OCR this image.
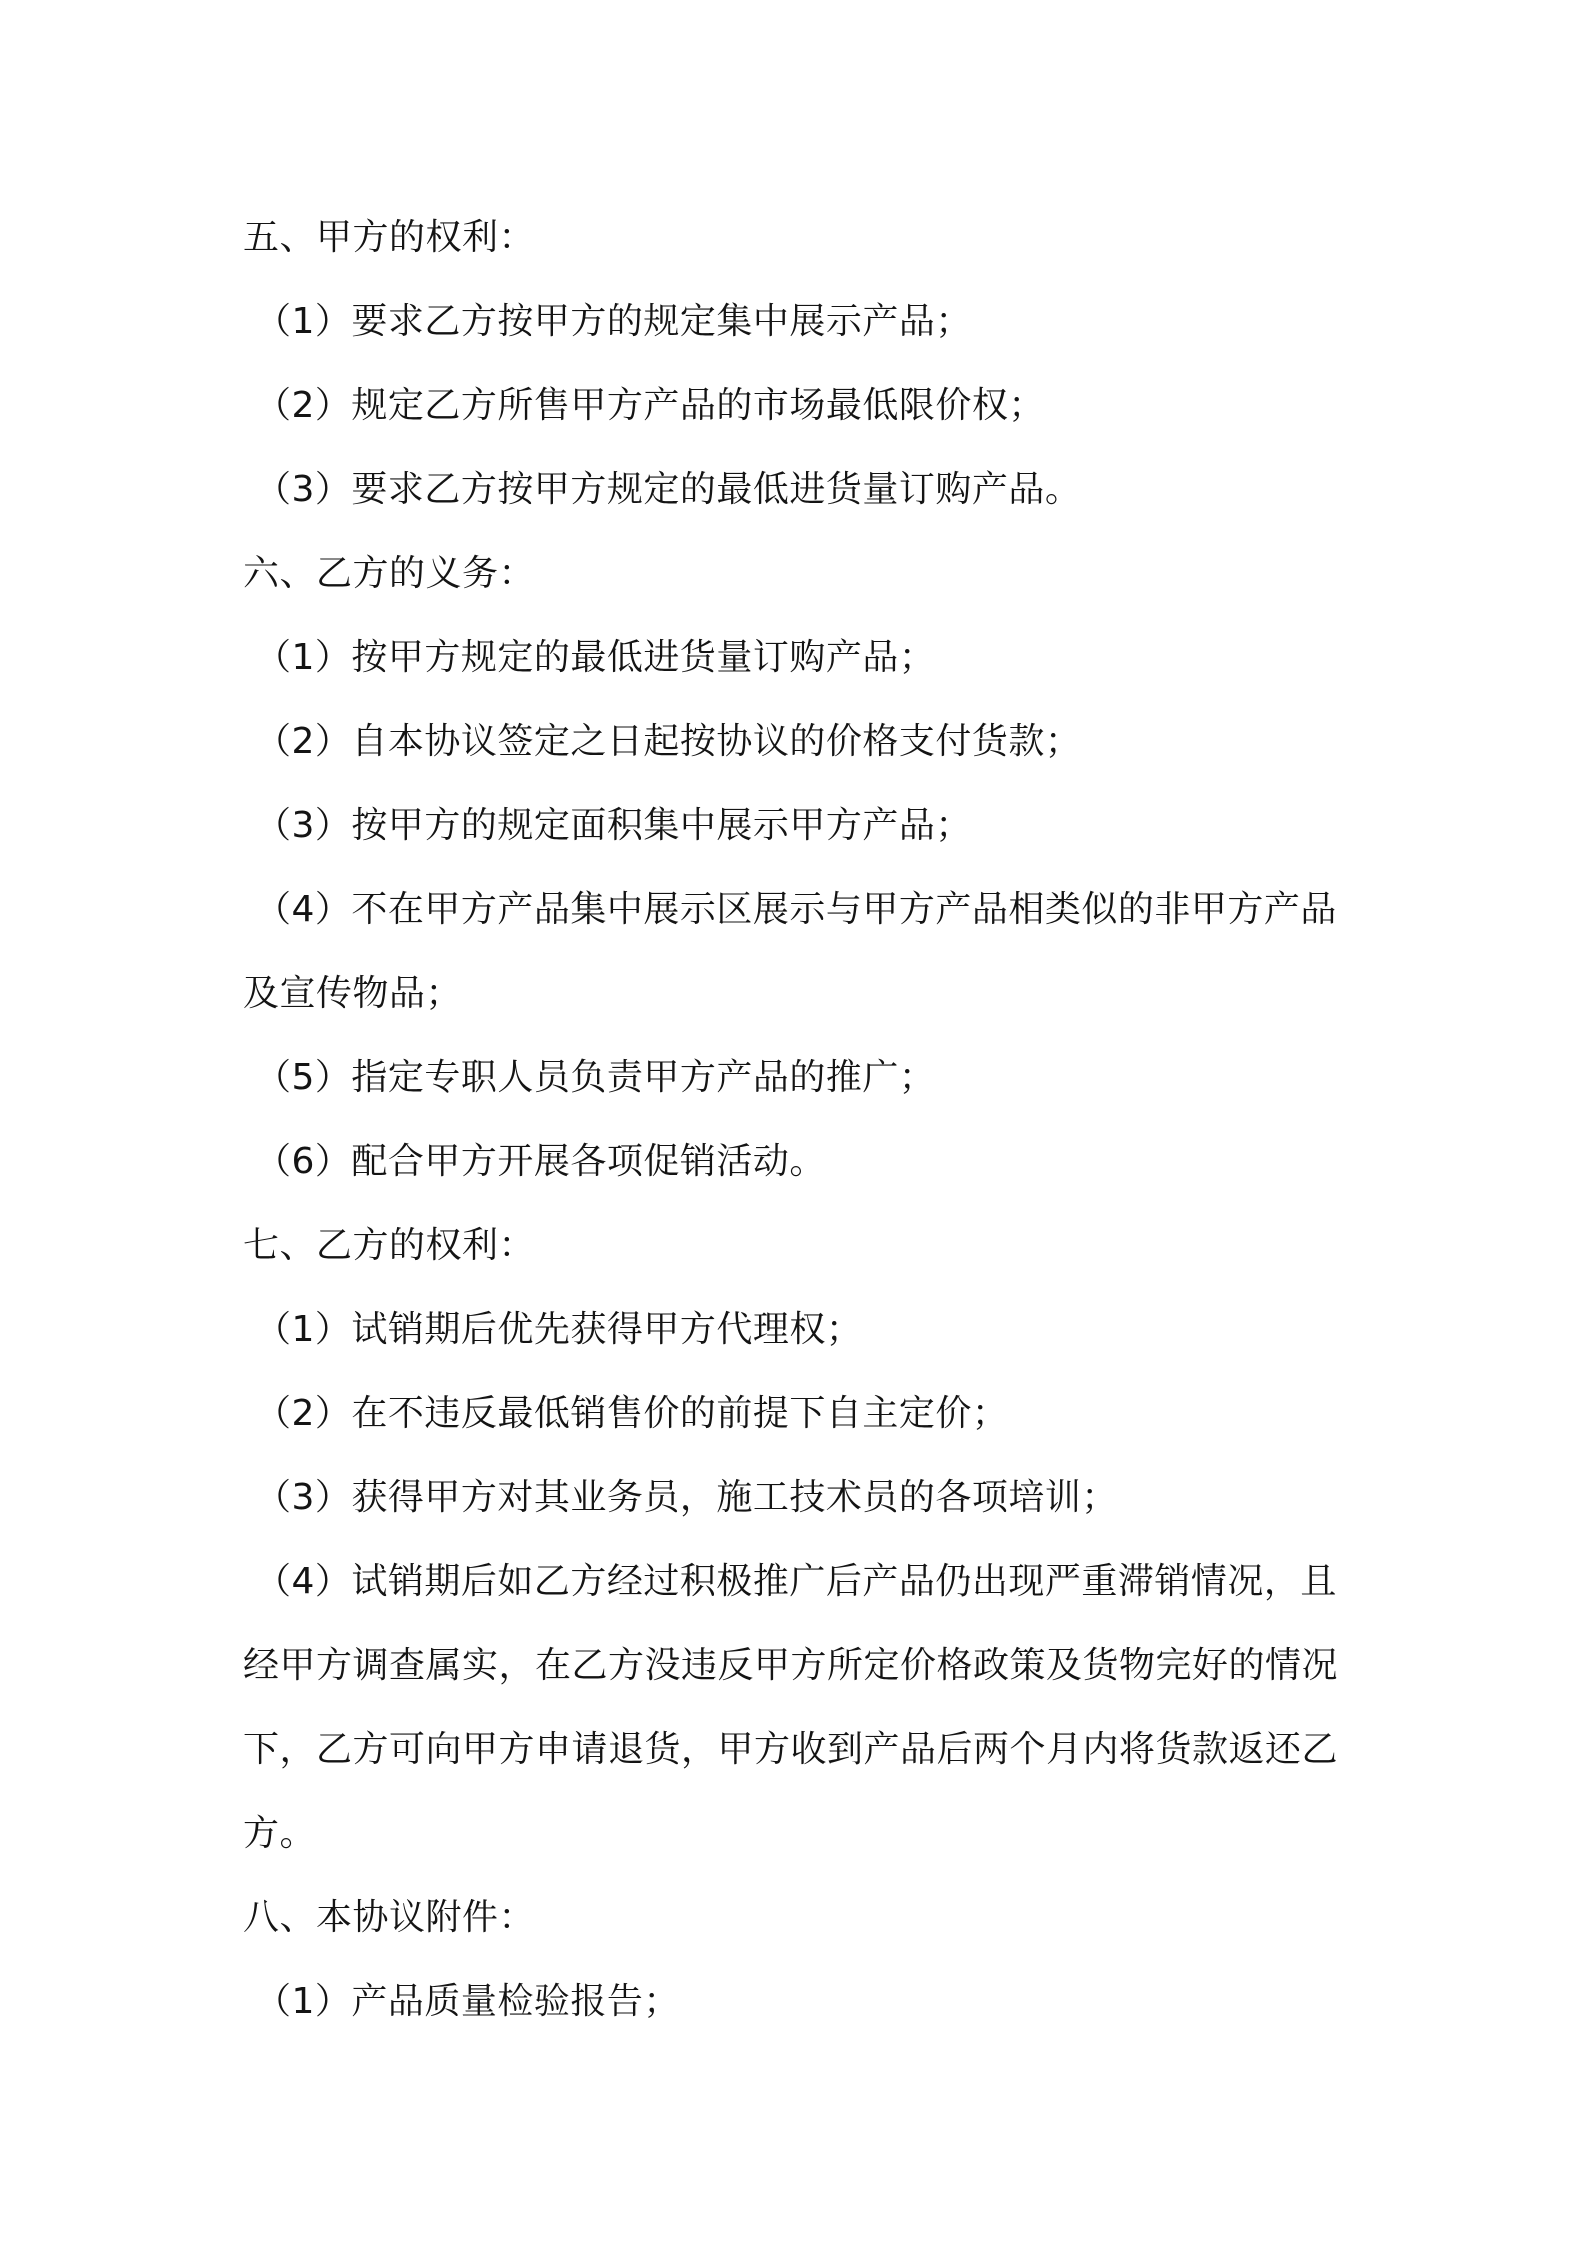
五、甲方的权利：
（1）要求乙方按甲方的规定集中展示产品；
（2）规定乙方所售甲方产品的市场最低限价权；
（3）要求乙方按甲方规定的最低进货量订购产品。
六、乙方的义务：
（1）按甲方规定的最低进货量订购产品；
（2）自本协议签定之日起按协议的价格支付货款；
（3）按甲方的规定面积集中展示甲方产品；
（4）不在甲方产品集中展示区展示与甲方产品相类似的非甲方产品
及宣传物品；
（5）指定专职人员负责甲方产品的推广；
（6）配合甲方开展各项促销活动。
七、乙方的权利：
（1）试销期后优先获得甲方代理权；
（2）在不违反最低销售价的前提下自主定价；
（3）获得甲方对其业务员，施工技术员的各项培训；
（4）试销期后如乙方经过积极推广后产品仍出现严重滞销情况，且
经甲方调查属实，在乙方没违反甲方所定价格政策及货物完好的情况
下，乙方可向甲方申请退货，甲方收到产品后两个月内将货款返还乙
方。
八、本协议附件：
（1）产品质量检验报告；
